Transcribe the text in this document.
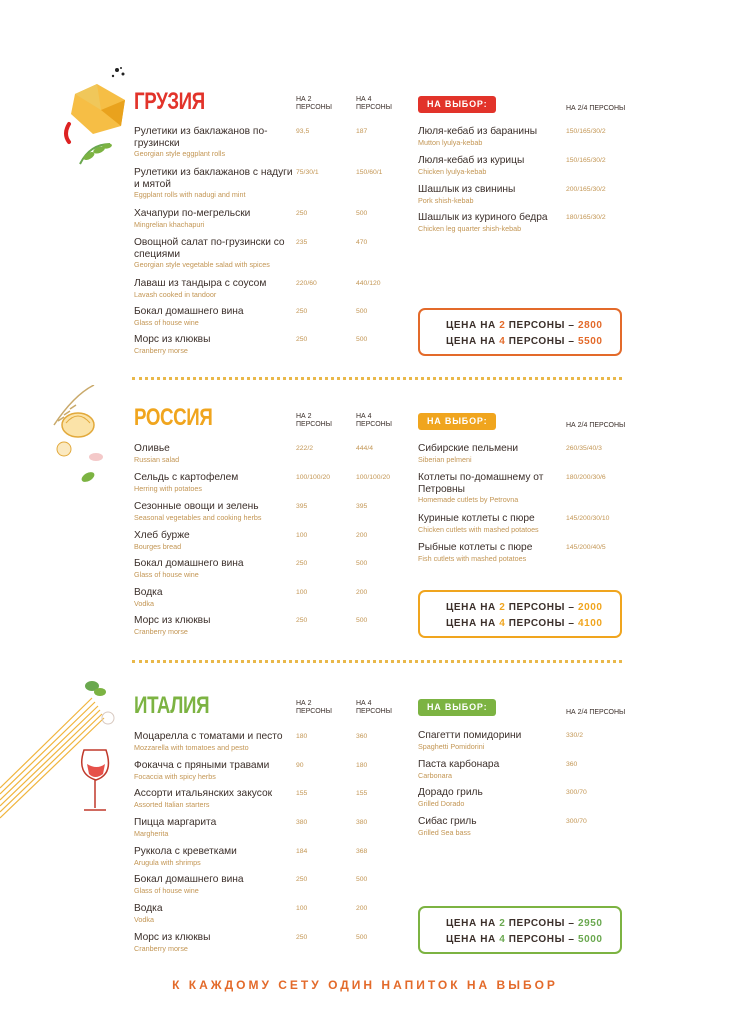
ГРУЗИЯ	НА 2 ПЕРСОНЫ
НА 4 ПЕРСОНЫ	НА ВЫБОР:	НА 2/4 ПЕРСОНЫ
Рулетики из баклажанов по-грузински
Georgian style eggplant rolls
93,5	187
Рулетики из баклажанов с надуги и мятой
Eggplant rolls with nadugi and mint
75/30/1	150/60/1
Хачапури по-мегрельски
Mingrelian khachapuri
250	500
Овощной салат по-грузински со специями
Georgian style vegetable salad with spices
235	470
Лаваш из тандыра с соусом
Lavash cooked in tandoor
220/60	440/120
Бокал домашнего вина
Glass of house wine
250	500
Морс из клюквы
Cranberry morse
250	500
Люля-кебаб из баранины
Mutton lyulya-kebab
150/165/30/2
Люля-кебаб из курицы
Chicken lyulya-kebab
150/165/30/2
Шашлык из свинины
Pork shish-kebab
200/165/30/2
Шашлык из куриного бедра
Chicken leg quarter shish-kebab
180/165/30/2
ЦЕНА НА 2 ПЕРСОНЫ – 2800
ЦЕНА НА 4 ПЕРСОНЫ – 5500
РОССИЯ	НА 2 ПЕРСОНЫ
НА 4 ПЕРСОНЫ	НА ВЫБОР:	НА 2/4 ПЕРСОНЫ
Оливье
Russian salad
222/2	444/4
Сельдь с картофелем
Herring with potatoes
100/100/20	100/100/20
Сезонные овощи и зелень
Seasonal vegetables and cooking herbs
395	395
Хлеб бурже
Bourges bread
100	200
Бокал домашнего вина
Glass of house wine
250	500
Водка
Vodka
100	200
Морс из клюквы
Cranberry morse
250	500
Сибирские пельмени
Siberian pelmeni
260/35/40/3
Котлеты по-домашнему от Петровны
Homemade cutlets by Petrovna
180/200/30/6
Куриные котлеты с пюре
Chicken cutlets with mashed potatoes
145/200/30/10
Рыбные котлеты с пюре
Fish cutlets with mashed potatoes
145/200/40/5
ЦЕНА НА 2 ПЕРСОНЫ – 2000
ЦЕНА НА 4 ПЕРСОНЫ – 4100
ИТАЛИЯ	НА 2 ПЕРСОНЫ
НА 4 ПЕРСОНЫ	НА ВЫБОР:
НА 2/4 ПЕРСОНЫ
Моцарелла с томатами и песто
Mozzarella with tomatoes and pesto
180	360
Фокачча с пряными травами
Focaccia with spicy herbs
90	180
Ассорти итальянских закусок
Assorted Italian starters
155	155
Пицца маргарита
Margherita
380	380
Руккола с креветками
Arugula with shrimps
184	368
Бокал домашнего вина
Glass of house wine
250	500
Водка
Vodka
100	200
Морс из клюквы
Cranberry morse
250	500
Спагетти помидорини
Spaghetti Pomidorini
330/2
Паста карбонара
Carbonara
360
Дорадо гриль
Grilled Dorado
300/70
Сибас гриль
Grilled Sea bass
300/70
ЦЕНА НА 2 ПЕРСОНЫ – 2950
ЦЕНА НА 4 ПЕРСОНЫ – 5000
К КАЖДОМУ СЕТУ ОДИН НАПИТОК НА ВЫБОР
